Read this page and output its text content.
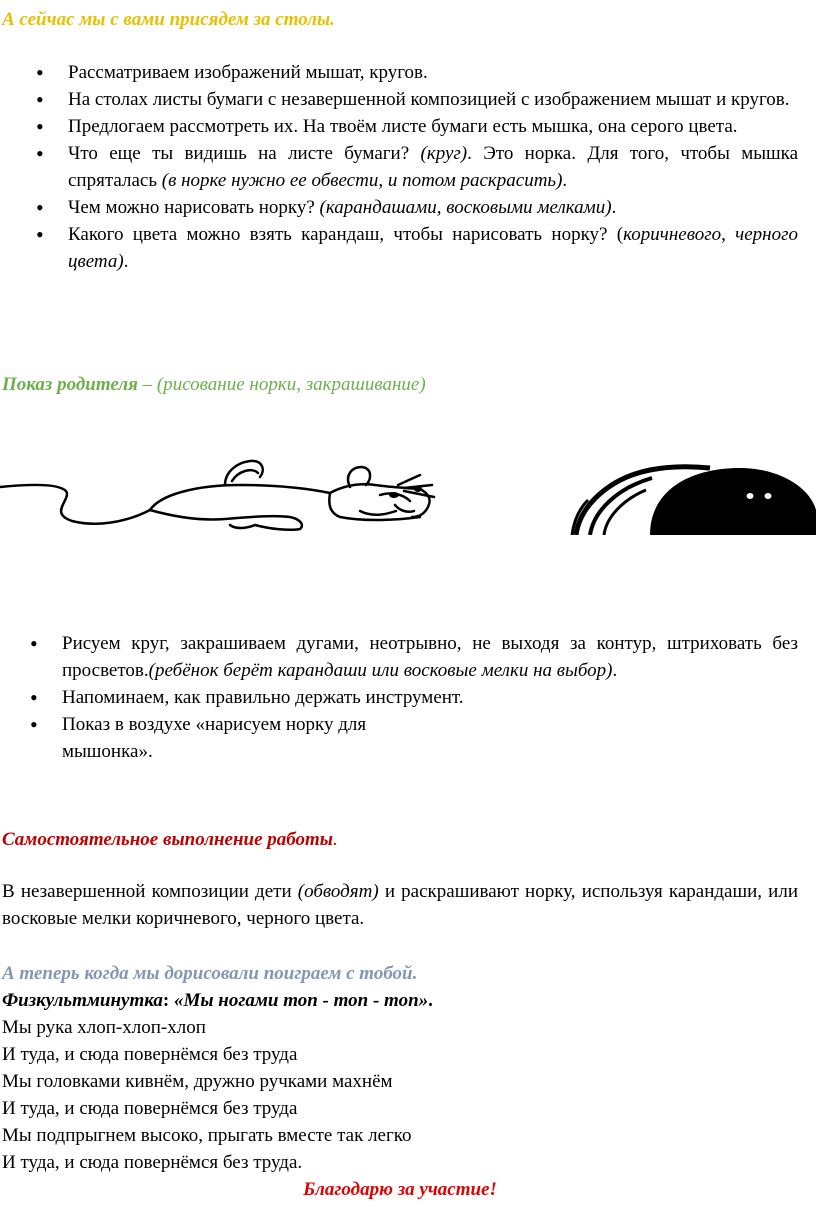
А сейчас мы с вами присядем за столы.
• Рассматриваем изображений мышат, кругов.
• На столах листы бумаги с незавершенной композицией с изображением мышат и кругов.
• Предлогаем рассмотреть их. На твоём листе бумаги есть мышка, она серого цвета.
• Что еще ты видишь на листе бумаги? (круг). Это норка. Для того, чтобы мышка спряталась (в норке нужно ее обвести, и потом раскрасить).
• Чем можно нарисовать норку? (карандашами, восковыми мелками).
• Какого цвета можно взять карандаш, чтобы нарисовать норку? (коричневого, черного цвета).
Показ родителя – (рисование норки, закрашивание)
• Рисуем круг, закрашиваем дугами, неотрывно, не выходя за контур, штриховать без просветов.(ребёнок берёт карандаши или восковые мелки на выбор).
• Напоминаем, как правильно держать инструмент.
• Показ в воздухе «нарисуем норку для
мышонка».
Самостоятельное выполнение работы.
В незавершенной композиции дети (обводят) и раскрашивают норку, используя карандаши, или восковые мелки коричневого, черного цвета.
А теперь когда мы дорисовали поиграем с тобой.
Физкультминутка: «Мы ногами топ - топ - топ».
Мы рука хлоп-хлоп-хлоп
И туда, и сюда повернёмся без труда
Мы головками кивнём, дружно ручками махнём
И туда, и сюда повернёмся без труда
Мы подпрыгнем высоко, прыгать вместе так легко
И туда, и сюда повернёмся без труда.
Благодарю за участие!
